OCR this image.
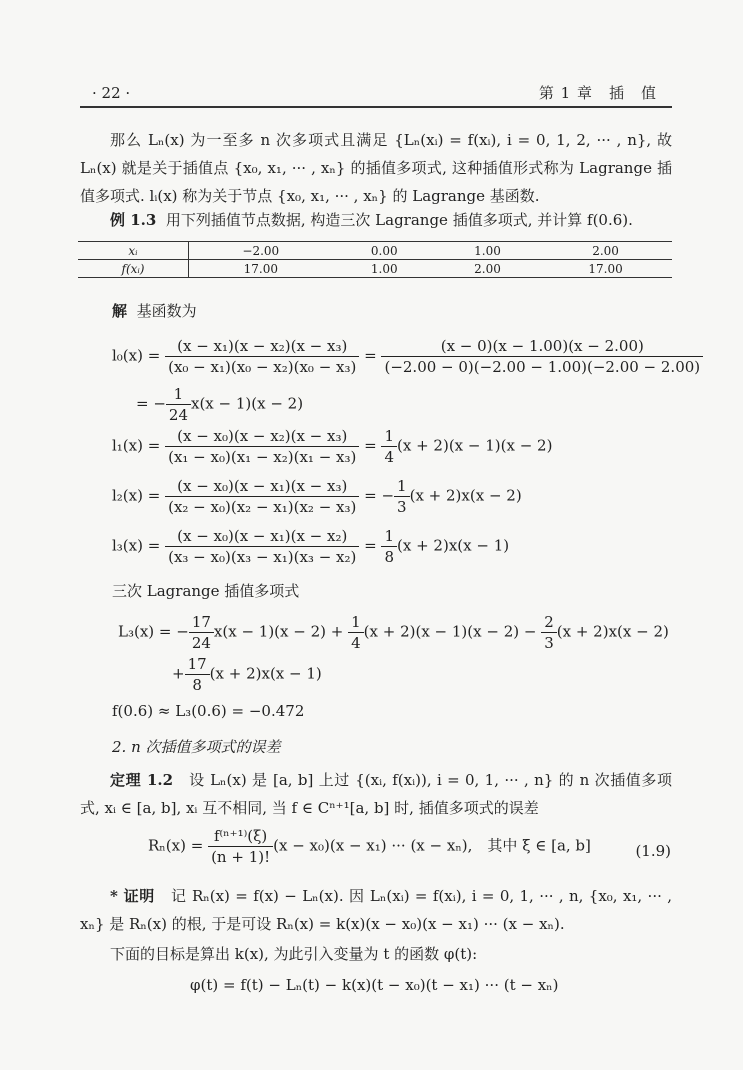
· 22 ·	第 1 章　插　值
那么 Lₙ(x) 为一至多 n 次多项式且满足 {Lₙ(xᵢ) = f(xᵢ), i = 0, 1, 2, ··· , n}, 故 Lₙ(x) 就是关于插值点 {x₀, x₁, ··· , xₙ} 的插值多项式, 这种插值形式称为 Lagrange 插值多项式. lᵢ(x) 称为关于节点 {x₀, x₁, ··· , xₙ} 的 Lagrange 基函数.
例 1.3 用下列插值节点数据, 构造三次 Lagrange 插值多项式, 并计算 f(0.6).
xᵢ	−2.00	0.00	1.00	2.00
f(xᵢ)	17.00	1.00	2.00	17.00
解 基函数为
$l_0(x) = \frac{\text{(x − x₁)(x − x₂)(x − x₃)}}{\text{(x₀ − x₁)(x₀ − x₂)(x₀ − x₃)}} = \frac{(x - 0)(x - 1.00)(x - 2.00)}{(-2.00 - 0)(-2.00 - 1.00)(-2.00 - 2.00)}$
= − $\frac{1}{24} x(x - 1)(x - 2)$
$l_1(x) = \frac{\text{(x − x₀)(x − x₂)(x − x₃)}}{\text{(x₁ − x₀)(x₁ − x₂)(x₁ − x₃)}} = \frac{1}{4} (x + 2)(x - 1)(x - 2)$
$l_2(x) = \frac{\text{(x − x₀)(x − x₁)(x − x₃)}}{\text{(x₂ − x₀)(x₂ − x₁)(x₂ − x₃)}}$ = − $\frac{1}{3} (x + 2)x(x - 2)$
$l_3(x) = \frac{\text{(x − x₀)(x − x₁)(x − x₂)}}{\text{(x₃ − x₀)(x₃ − x₁)(x₃ − x₂)}} = \frac{1}{8} (x + 2)x(x - 1)$
三次 Lagrange 插值多项式
L₃(x) = − $\frac{17}{24} x(x - 1)(x - 2) + \frac{1}{4} (x + 2)(x - 1)(x - 2) - \frac{2}{3} (x + 2)x(x - 2)$
+ $\frac{17}{8} (x + 2)x(x - 1)$
f(0.6) ≈ L₃(0.6) = −0.472
2. n 次插值多项式的误差
定理 1.2 设 Lₙ(x) 是 [a, b] 上过 {(xᵢ, f(xᵢ)), i = 0, 1, ··· , n} 的 n 次插值多项式, xᵢ ∈ [a, b], xᵢ 互不相同, 当 f ∈ Cⁿ⁺¹[a, b] 时, 插值多项式的误差
$R_n(x) = \frac{\text{f⁽ⁿ⁺¹⁾(ξ)}}{(n + 1)!} (x - x_0)(x - x_1)$ ··· (x − xₙ),　其中 ξ ∈ [a, b]	(1.9)
* 证明 记 Rₙ(x) = f(x) − Lₙ(x). 因 Lₙ(xᵢ) = f(xᵢ), i = 0, 1, ··· , n, {x₀, x₁, ··· , xₙ} 是 Rₙ(x) 的根, 于是可设 Rₙ(x) = k(x)(x − x₀)(x − x₁) ··· (x − xₙ).
下面的目标是算出 k(x), 为此引入变量为 t 的函数 φ(t):
φ(t) = f(t) − Lₙ(t) − k(x)(t − x₀)(t − x₁) ··· (t − xₙ)
